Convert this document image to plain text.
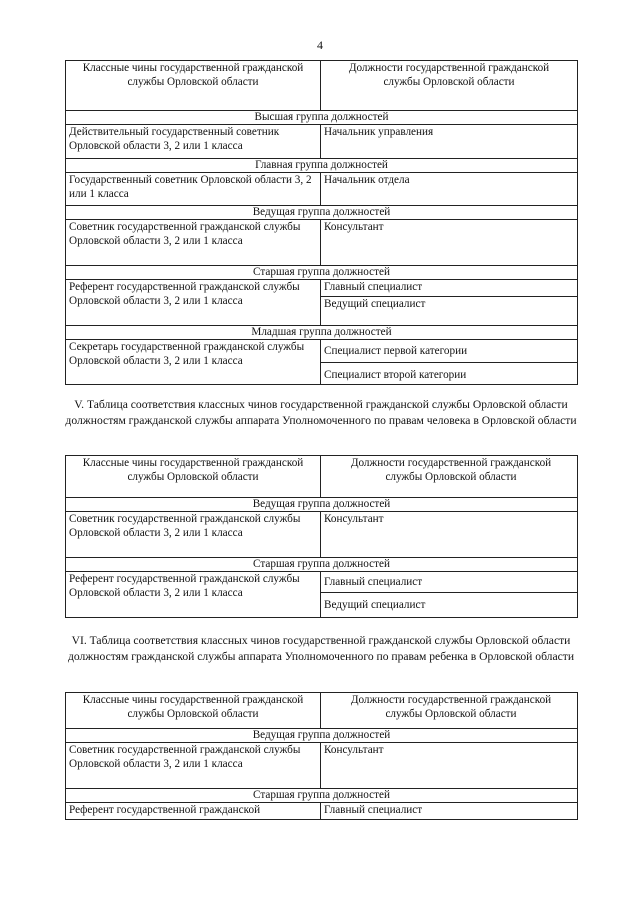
4
Классные чины государственной гражданской службы Орловской области	Должности государственной гражданской службы Орловской области
Высшая группа должностей	
Действительный государственный советник Орловской области 3, 2 или 1 класса	Начальник управления
Главная группа должностей	
Государственный советник Орловской области 3, 2 или 1 класса	Начальник отдела
Ведущая группа должностей	
Советник государственной гражданской службы Орловской области 3, 2 или 1 класса	Консультант
Старшая группа должностей	
Референт государственной гражданской службы Орловской области 3, 2 или 1 класса	Главный специалист
	Ведущий специалист
Младшая группа должностей	
Секретарь государственной гражданской службы Орловской области 3, 2 или 1 класса	Специалист первой категории
	Специалист второй категории
V. Таблица соответствия классных чинов государственной гражданской службы Орловской области должностям гражданской службы аппарата Уполномоченного по правам человека в Орловской области
Классные чины государственной гражданской службы Орловской области	Должности государственной гражданской службы Орловской области
Ведущая группа должностей	
Советник государственной гражданской службы Орловской области 3, 2 или 1 класса	Консультант
Старшая группа должностей	
Референт государственной гражданской службы Орловской области 3, 2 или 1 класса	Главный специалист
	Ведущий специалист
VI. Таблица соответствия классных чинов государственной гражданской службы Орловской области должностям гражданской службы аппарата Уполномоченного по правам ребенка в Орловской области
Классные чины государственной гражданской службы Орловской области	Должности государственной гражданской службы Орловской области
Ведущая группа должностей	
Советник государственной гражданской службы Орловской области 3, 2 или 1 класса	Консультант
Старшая группа должностей	
Референт государственной гражданской	Главный специалист
